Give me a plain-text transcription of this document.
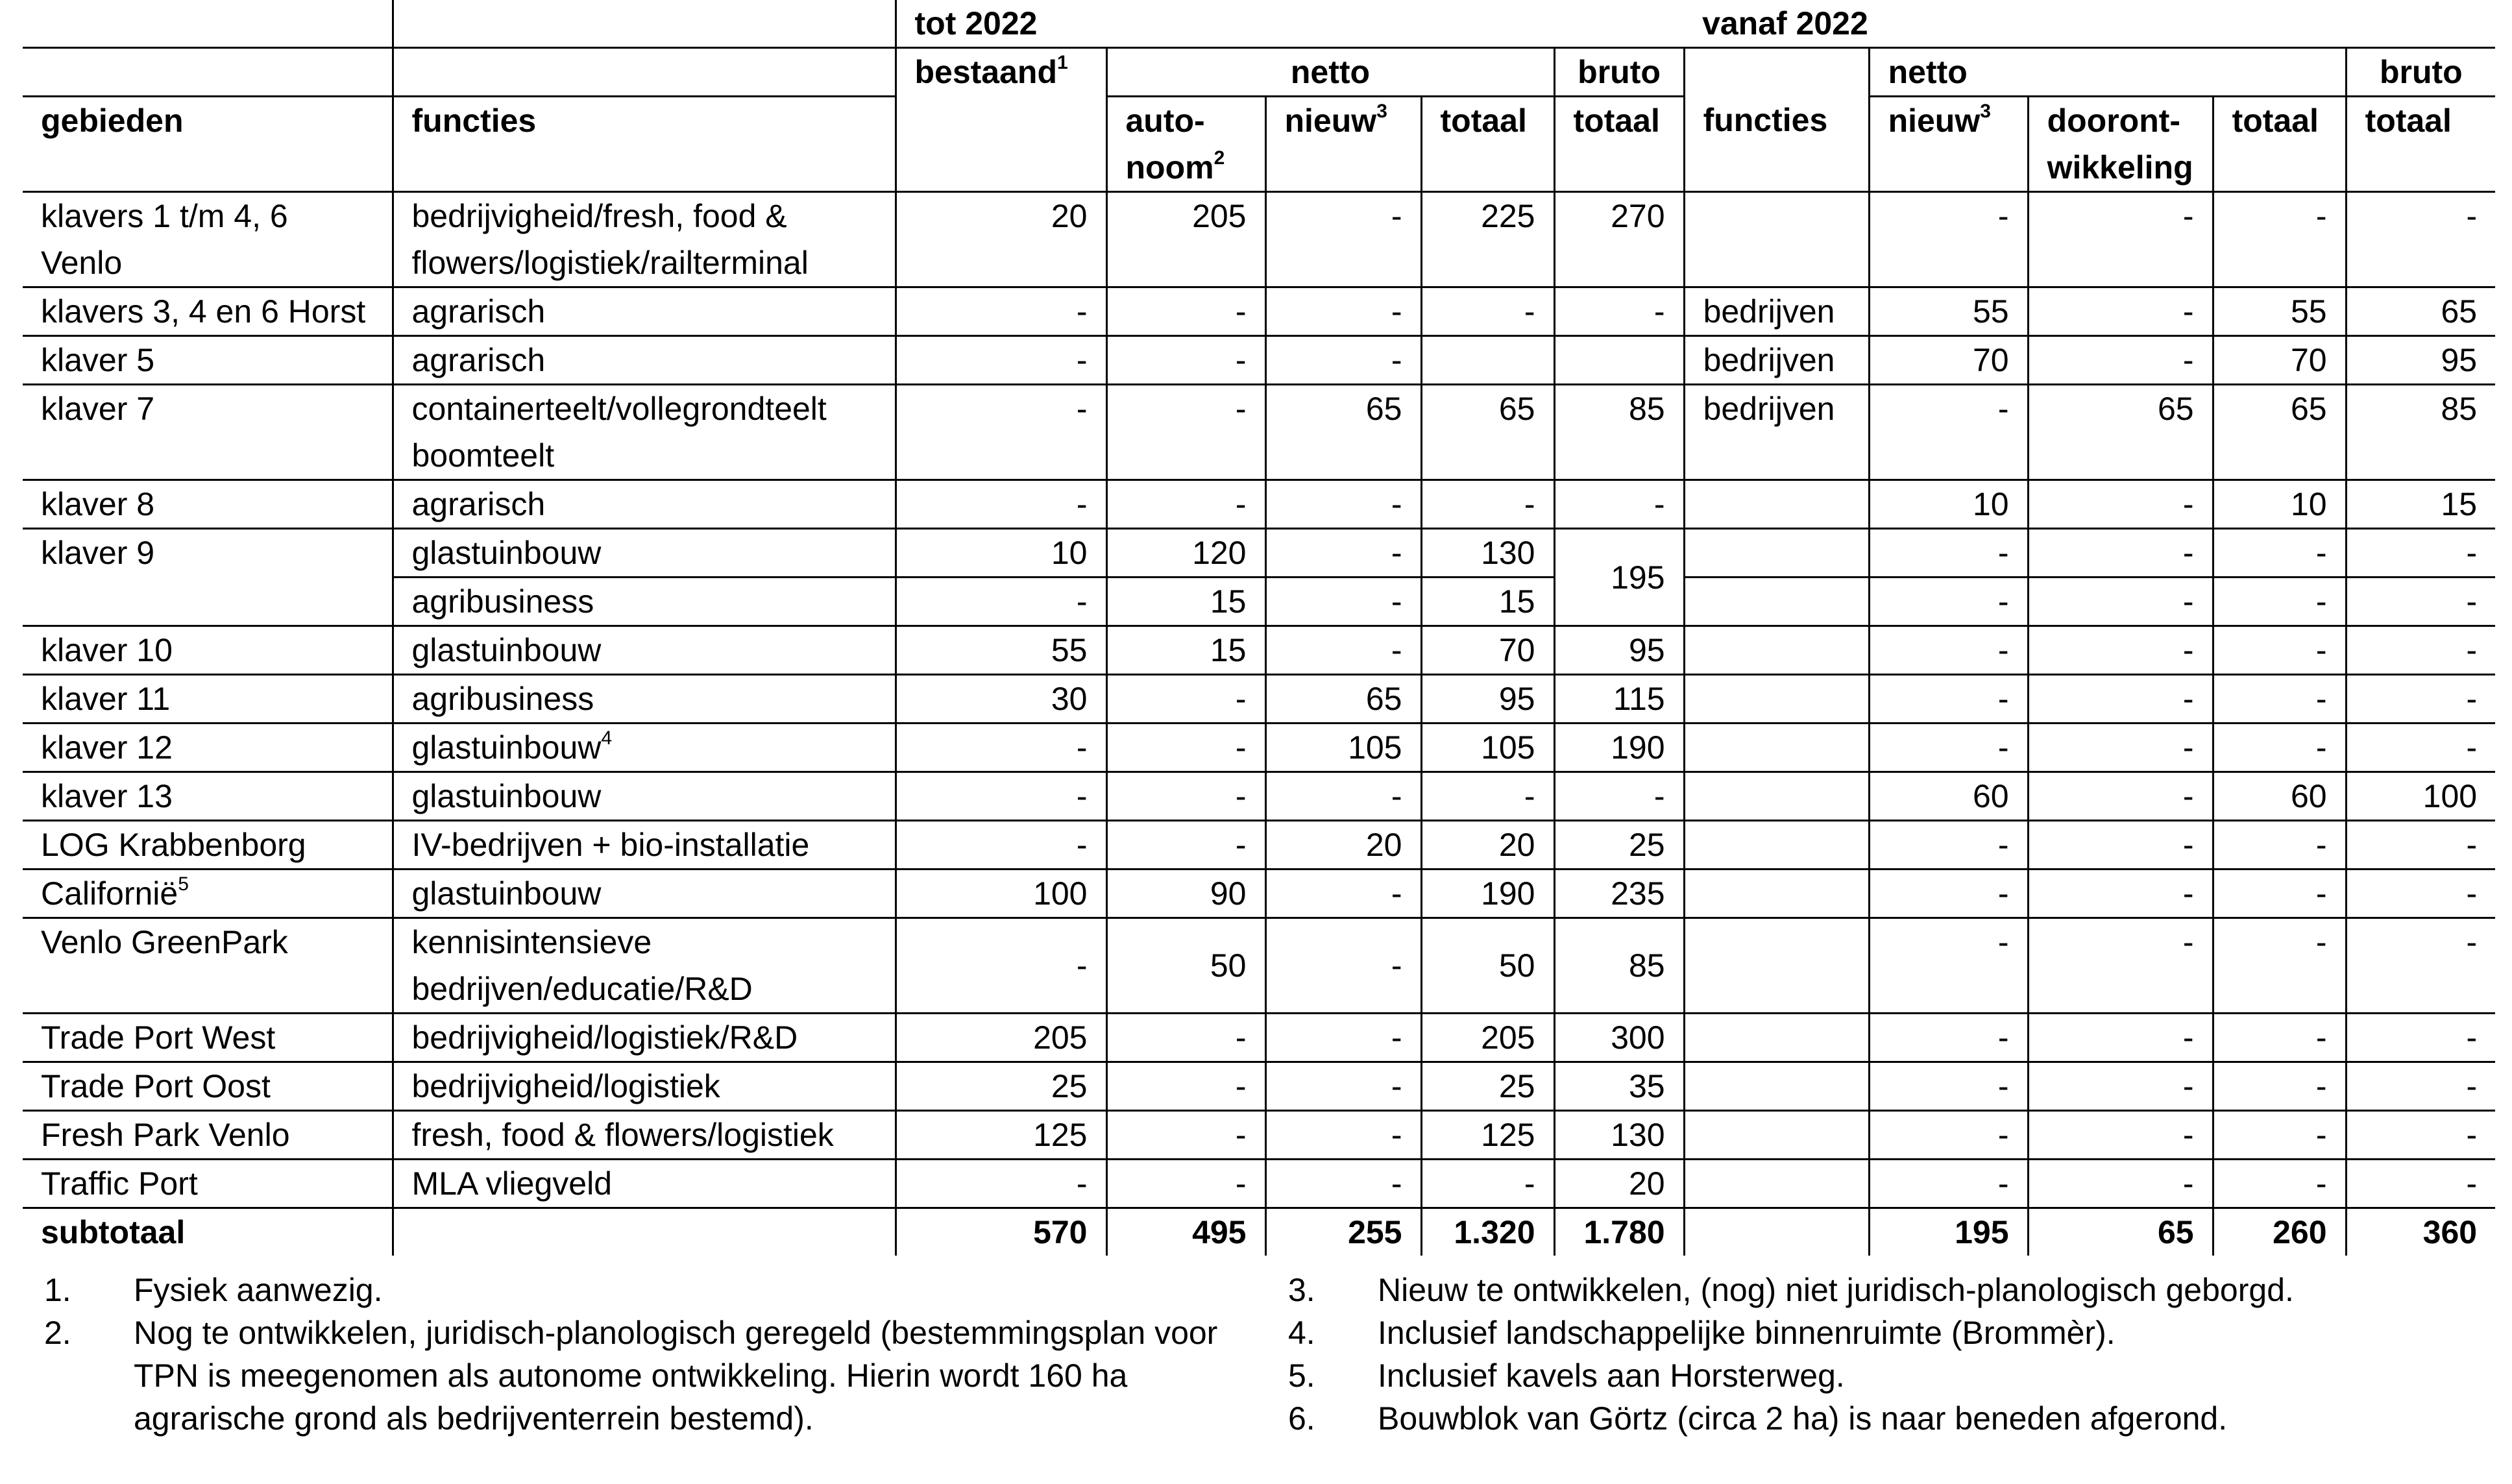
		tot 2022					vanaf 2022				
		bestaand$^1$	netto			bruto		netto			bruto
gebieden	functies		auto-noom$^2$	nieuw$^3$	totaal	totaal	functies	nieuw$^3$	dooront-wikkeling	totaal	totaal
klavers 1 t/m 4, 6 Venlo	bedrijvigheid/fresh, food & flowers/logistiek/railterminal	20	205	-	225	270		-	-	-	-
klavers 3, 4 en 6 Horst	agrarisch	-	-	-	-	-	bedrijven	55	-	55	65
klaver 5	agrarisch	-	-	-			bedrijven	70	-	70	95
klaver 7	containerteelt/vollegrondteelt boomteelt	-	-	65	65	85	bedrijven	-	65	65	85
klaver 8	agrarisch	-	-	-	-	-		10	-	10	15
klaver 9	glastuinbouw	10	120	-	130	195		-	-	-	-
	agribusiness	-	15	-	15			-	-	-	-
klaver 10	glastuinbouw	55	15	-	70	95		-	-	-	-
klaver 11	agribusiness	30	-	65	95	115		-	-	-	-
klaver 12	glastuinbouw$^4$	-	-	105	105	190		-	-	-	-
klaver 13	glastuinbouw	-	-	-	-	-		60	-	60	100
LOG Krabbenborg	IV-bedrijven + bio-installatie	-	-	20	20	25		-	-	-	-
Californië$^5$	glastuinbouw	100	90	-	190	235		-	-	-	-
Venlo GreenPark	kennisintensieve bedrijven/educatie/R&D	-	50	-	50	85		-	-	-	-
Trade Port West	bedrijvigheid/logistiek/R&D	205	-	-	205	300		-	-	-	-
Trade Port Oost	bedrijvigheid/logistiek	25	-	-	25	35		-	-	-	-
Fresh Park Venlo	fresh, food & flowers/logistiek	125	-	-	125	130		-	-	-	-
Traffic Port	MLA vliegveld	-	-	-	-	20		-	-	-	-
subtotaal		570	495	255	1.320	1.780		195	65	260	360
1. Fysiek aanwezig.
2. Nog te ontwikkelen, juridisch-planologisch geregeld (bestemmingsplan voor TPN is meegenomen als autonome ontwikkeling. Hierin wordt 160 ha agrarische grond als bedrijventerrein bestemd).
3. Nieuw te ontwikkelen, (nog) niet juridisch-planologisch geborgd.
4. Inclusief landschappelijke binnenruimte (Brommèr).
5. Inclusief kavels aan Horsterweg.
6. Bouwblok van Görtz (circa 2 ha) is naar beneden afgerond.
